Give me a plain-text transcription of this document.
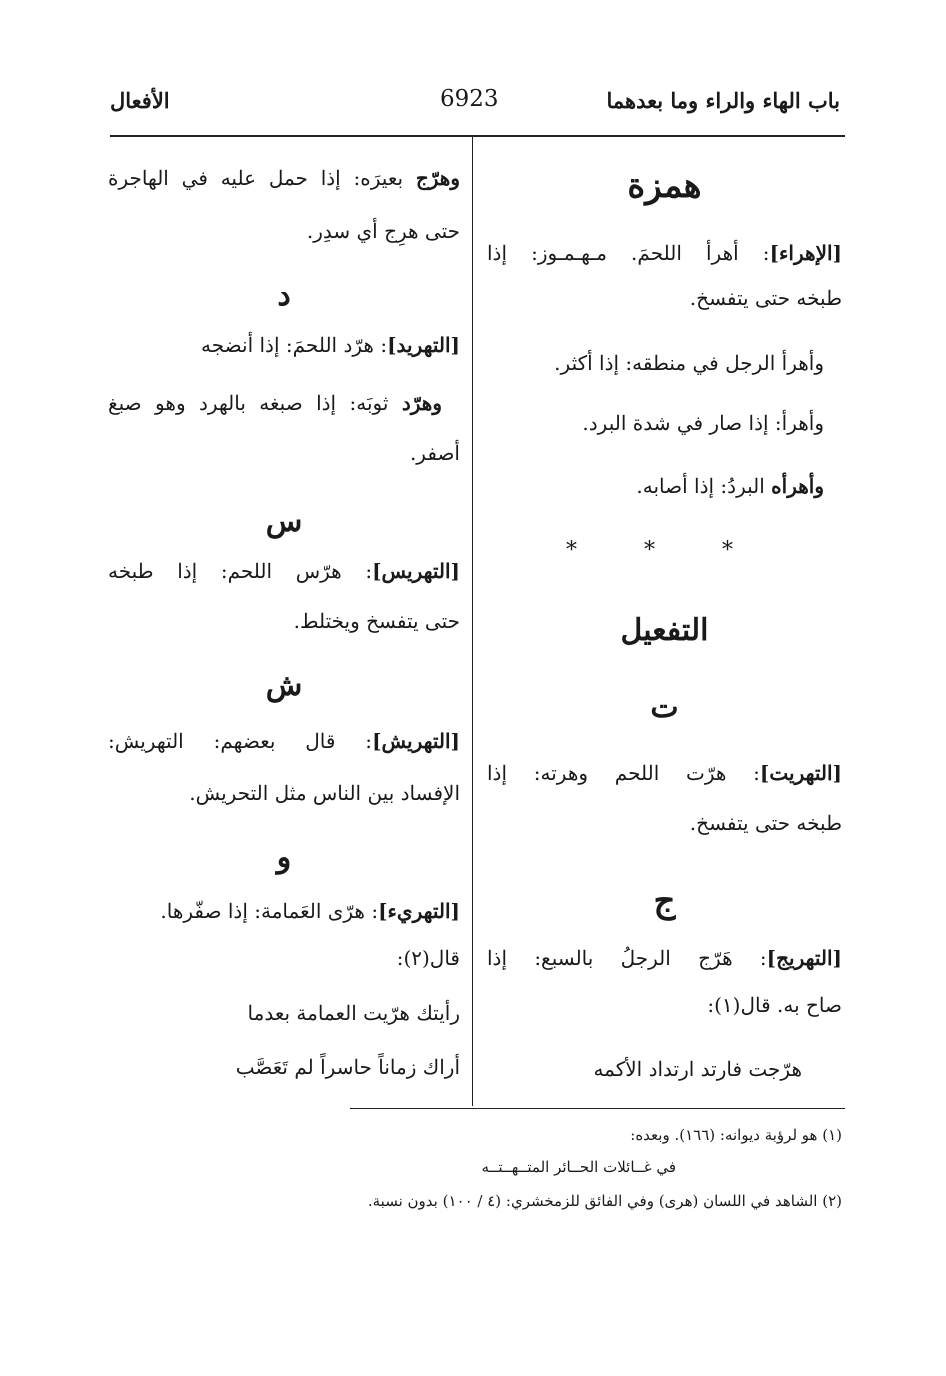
باب الهاء والراء وما بعدهما
6923
الأفعال
همزة
[الإهراء]: أهرأ اللحمَ. مـهـمـوز: إذا
طبخه حتى يتفسخ.
وأهرأ الرجل في منطقه: إذا أكثر.
وأهرأ: إذا صار في شدة البرد.
وأهرأه البردُ: إذا أصابه.
* * *
التفعيل
ت
[التهريت]: هرّت اللحم وهرته: إذا
طبخه حتى يتفسخ.
ج
[التهريج]: هَرّج الرجلُ بالسبع: إذا
صاح به. قال(١):
هرّجت فارتد ارتداد الأكمه
وهرّج بعيرَه: إذا حمل عليه في الهاجرة
حتى هرِج أي سدِر.
د
[التهريد]: هرّد اللحمَ: إذا أنضجه
وهرّد ثوبَه: إذا صبغه بالهرد وهو صبغ
أصفر.
س
[التهريس]: هرّس اللحم: إذا طبخه
حتى يتفسخ ويختلط.
ش
[التهريش]: قال بعضهم: التهريش:
الإفساد بين الناس مثل التحريش.
و
[التهريء]: هرّى العَمامة: إذا صفّرها.
قال(٢):
رأيتك هرّيت العمامة بعدما
أراك زماناً حاسراً لم تَعَصَّب
(١) هو لرؤبة ديوانه: (١٦٦). وبعده:
في غــائلات الحــائر المتــهــتــه
(٢) الشاهد في اللسان (هرى) وفي الفائق للزمخشري: (٤ / ١٠٠) بدون نسبة.
